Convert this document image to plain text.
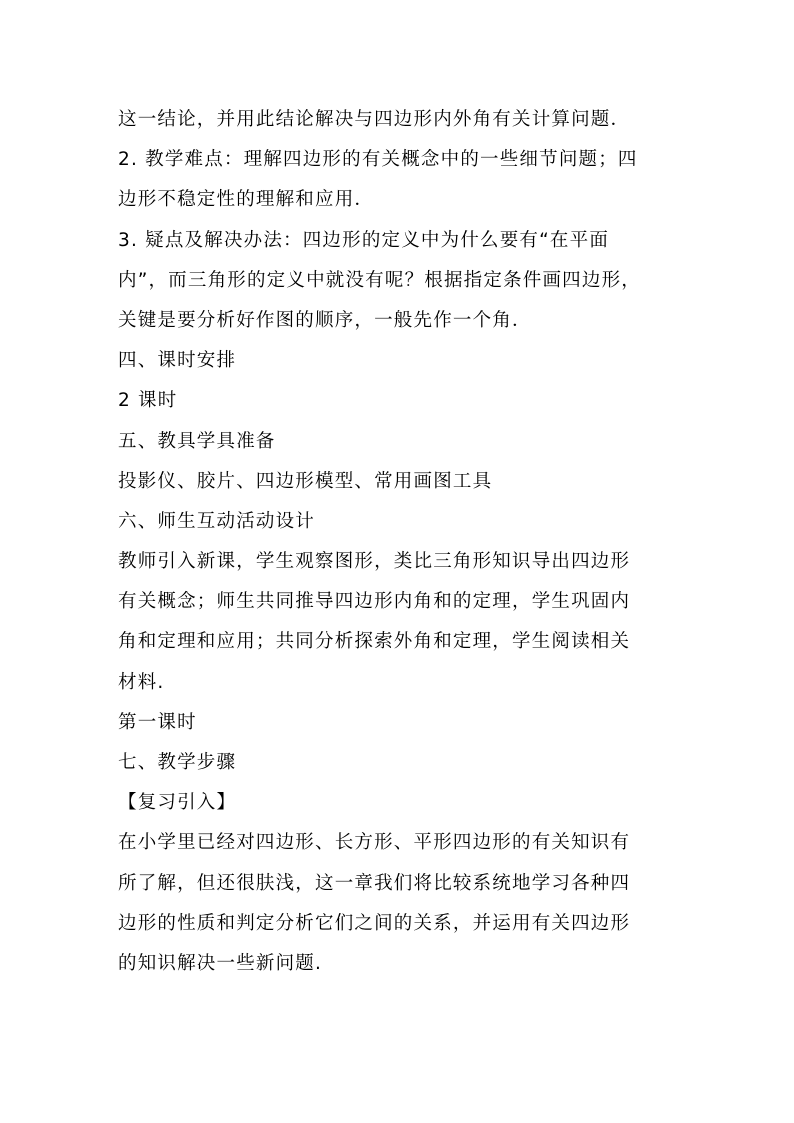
这一结论，并用此结论解决与四边形内外角有关计算问题．
2. 教学难点：理解四边形的有关概念中的一些细节问题；四
边形不稳定性的理解和应用．
3. 疑点及解决办法：四边形的定义中为什么要有“在平面
内”，而三角形的定义中就没有呢？根据指定条件画四边形，
关键是要分析好作图的顺序，一般先作一个角．
四、课时安排
2 课时
五、教具学具准备
投影仪、胶片、四边形模型、常用画图工具
六、师生互动活动设计
教师引入新课，学生观察图形，类比三角形知识导出四边形
有关概念；师生共同推导四边形内角和的定理，学生巩固内
角和定理和应用；共同分析探索外角和定理，学生阅读相关
材料.
第一课时
七、教学步骤
【复习引入】
在小学里已经对四边形、长方形、平形四边形的有关知识有
所了解，但还很肤浅，这一章我们将比较系统地学习各种四
边形的性质和判定分析它们之间的关系，并运用有关四边形
的知识解决一些新问题.
